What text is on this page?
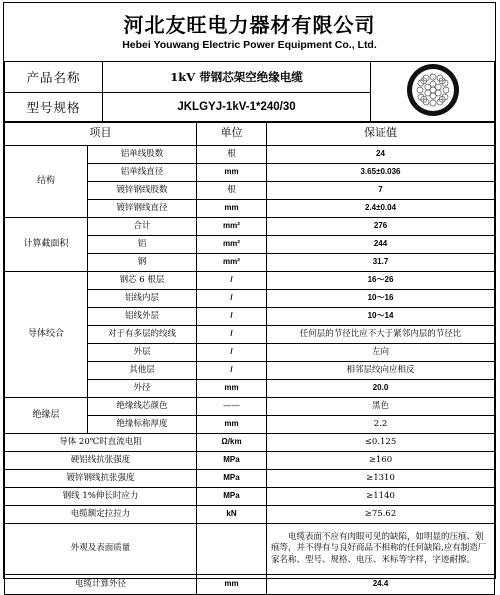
河北友旺电力器材有限公司
Hebei Youwang Electric Power Equipment Co., Ltd.
产品名称	1kV 带钢芯架空绝缘电缆	
型号规格	JKLGYJ-1kV-1*240/30	
项目		单位	保证值
结构	铝单线股数	根	24
	铝单线直径	mm	3.65±0.036
	镀锌钢线股数	根	7
	镀锌钢线直径	mm	2.4±0.04
计算截面积	合计	mm²	276
	铝	mm²	244
	钢	mm²	31.7
导体绞合	钢芯 6 根层	/	16～26
	铝线内层	/	10～16
	铝线外层	/	10～14
	对于有多层的绞线	/	任何层的节径比应不大于紧邻内层的节径比
	外层	/	左向
	其他层	/	相邻层绞向应相反
	外径	mm	20.0
绝缘层	绝缘线芯颜色	——	黑色
	绝缘标称厚度	mm	2.2
导体 20℃时直流电阻		Ω/km	≤0.125
硬铝线抗张强度		MPa	≥160
镀锌钢线抗张强度		MPa	≥1310
钢线 1%伸长时应力		MPa	≥1140
电缆额定拉拉力		kN	≥75.62
外观及表面质量			电缆表面不应有肉眼可见的缺陷，如明显的压痕、划痕等，并不得有与良好商品不相称的任何缺陷,应有制造厂家名称、型号、规格、电压、米标等字样，字迹耐擦。
电缆计算外径		mm	24.4
